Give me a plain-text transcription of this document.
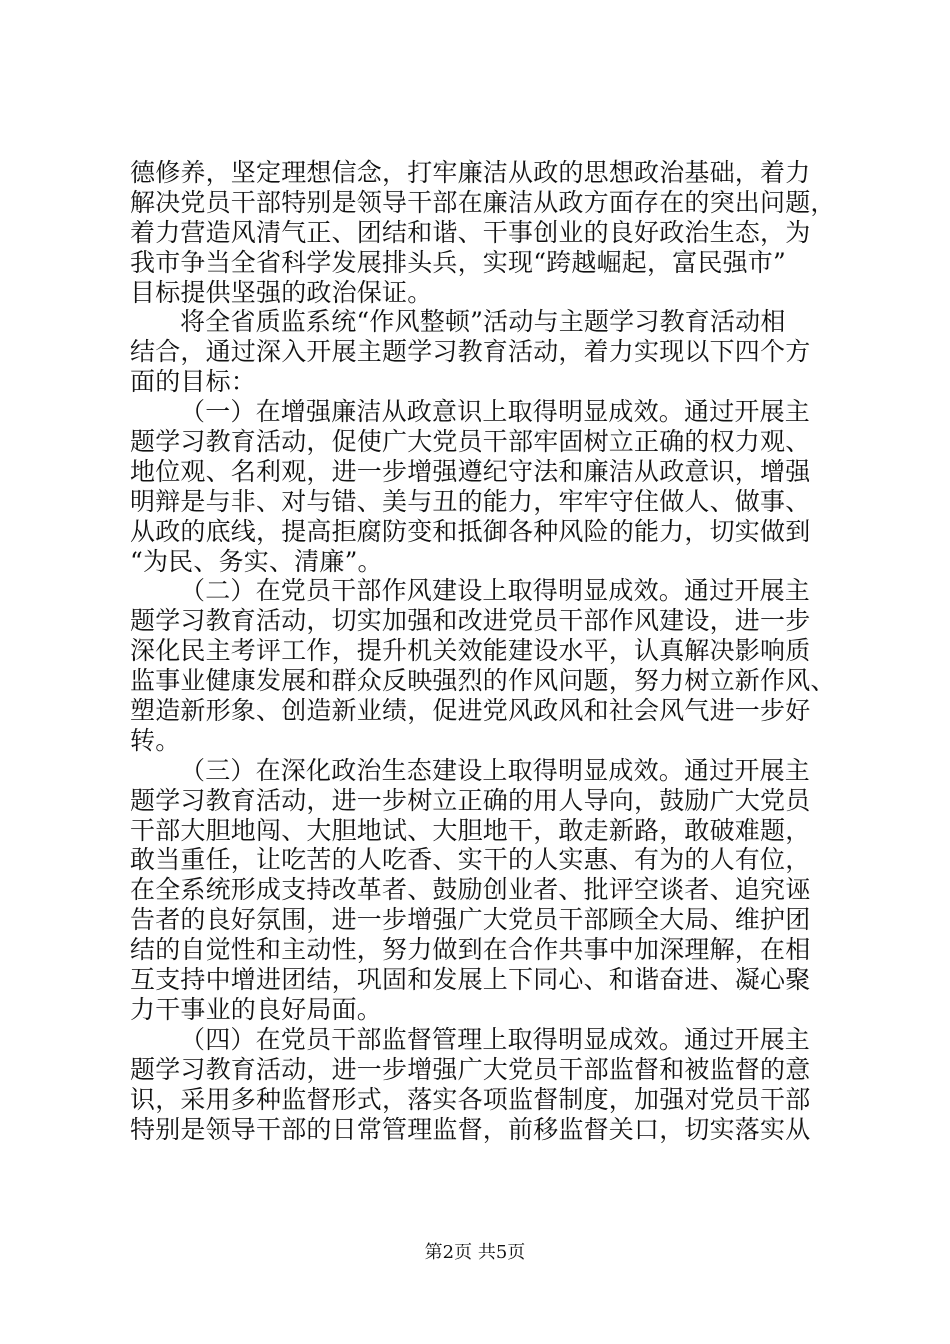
德修养，坚定理想信念，打牢廉洁从政的思想政治基础，着力
解决党员干部特别是领导干部在廉洁从政方面存在的突出问题，
着力营造风清气正、团结和谐、干事创业的良好政治生态，为
我市争当全省科学发展排头兵，实现“跨越崛起，富民强市”
目标提供坚强的政治保证。
将全省质监系统“作风整顿”活动与主题学习教育活动相
结合，通过深入开展主题学习教育活动，着力实现以下四个方
面的目标：
（一）在增强廉洁从政意识上取得明显成效。通过开展主
题学习教育活动，促使广大党员干部牢固树立正确的权力观、
地位观、名利观，进一步增强遵纪守法和廉洁从政意识，增强
明辩是与非、对与错、美与丑的能力，牢牢守住做人、做事、
从政的底线，提高拒腐防变和抵御各种风险的能力，切实做到
“为民、务实、清廉”。
（二）在党员干部作风建设上取得明显成效。通过开展主
题学习教育活动，切实加强和改进党员干部作风建设，进一步
深化民主考评工作，提升机关效能建设水平，认真解决影响质
监事业健康发展和群众反映强烈的作风问题，努力树立新作风、
塑造新形象、创造新业绩，促进党风政风和社会风气进一步好
转。
（三）在深化政治生态建设上取得明显成效。通过开展主
题学习教育活动，进一步树立正确的用人导向，鼓励广大党员
干部大胆地闯、大胆地试、大胆地干，敢走新路，敢破难题，
敢当重任，让吃苦的人吃香、实干的人实惠、有为的人有位，
在全系统形成支持改革者、鼓励创业者、批评空谈者、追究诬
告者的良好氛围，进一步增强广大党员干部顾全大局、维护团
结的自觉性和主动性，努力做到在合作共事中加深理解，在相
互支持中增进团结，巩固和发展上下同心、和谐奋进、凝心聚
力干事业的良好局面。
（四）在党员干部监督管理上取得明显成效。通过开展主
题学习教育活动，进一步增强广大党员干部监督和被监督的意
识，采用多种监督形式，落实各项监督制度，加强对党员干部
特别是领导干部的日常管理监督，前移监督关口，切实落实从
第2页 共5页
